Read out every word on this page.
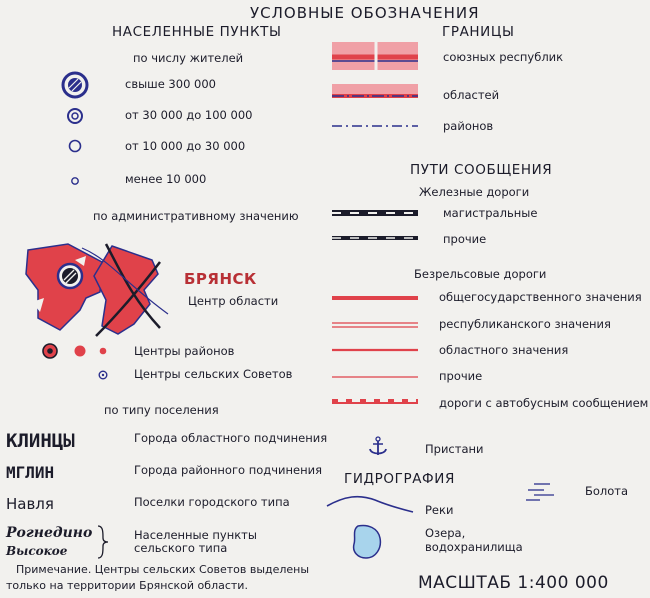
УСЛОВНЫЕ ОБОЗНАЧЕНИЯ
НАСЕЛЕННЫЕ ПУНКТЫ
по числу жителей
свыше 300 000
от 30 000 до 100 000
от 10 000 до 30 000
менее 10 000
по административному значению
БРЯНСК
Центр области
Центры районов
Центры сельских Советов
по типу поселения
КЛИНЦЫ	Города областного подчинения
МГЛИН	Города районного подчинения
Навля	Поселки городского типа
Рогнедино
Высокое
Населенные пункты
сельского типа
Примечание. Центры сельских Советов выделены
только на территории Брянской области.
ГРАНИЦЫ
союзных республик
областей
районов
ПУТИ СООБЩЕНИЯ
Железные дороги
магистральные
прочие
Безрельсовые дороги
общегосударственного значения
республиканского значения
областного значения
прочие
дороги с автобусным сообщением
Пристани
ГИДРОГРАФИЯ
Реки
Болота
Озера,
водохранилища
МАСШТАБ 1:400 000
